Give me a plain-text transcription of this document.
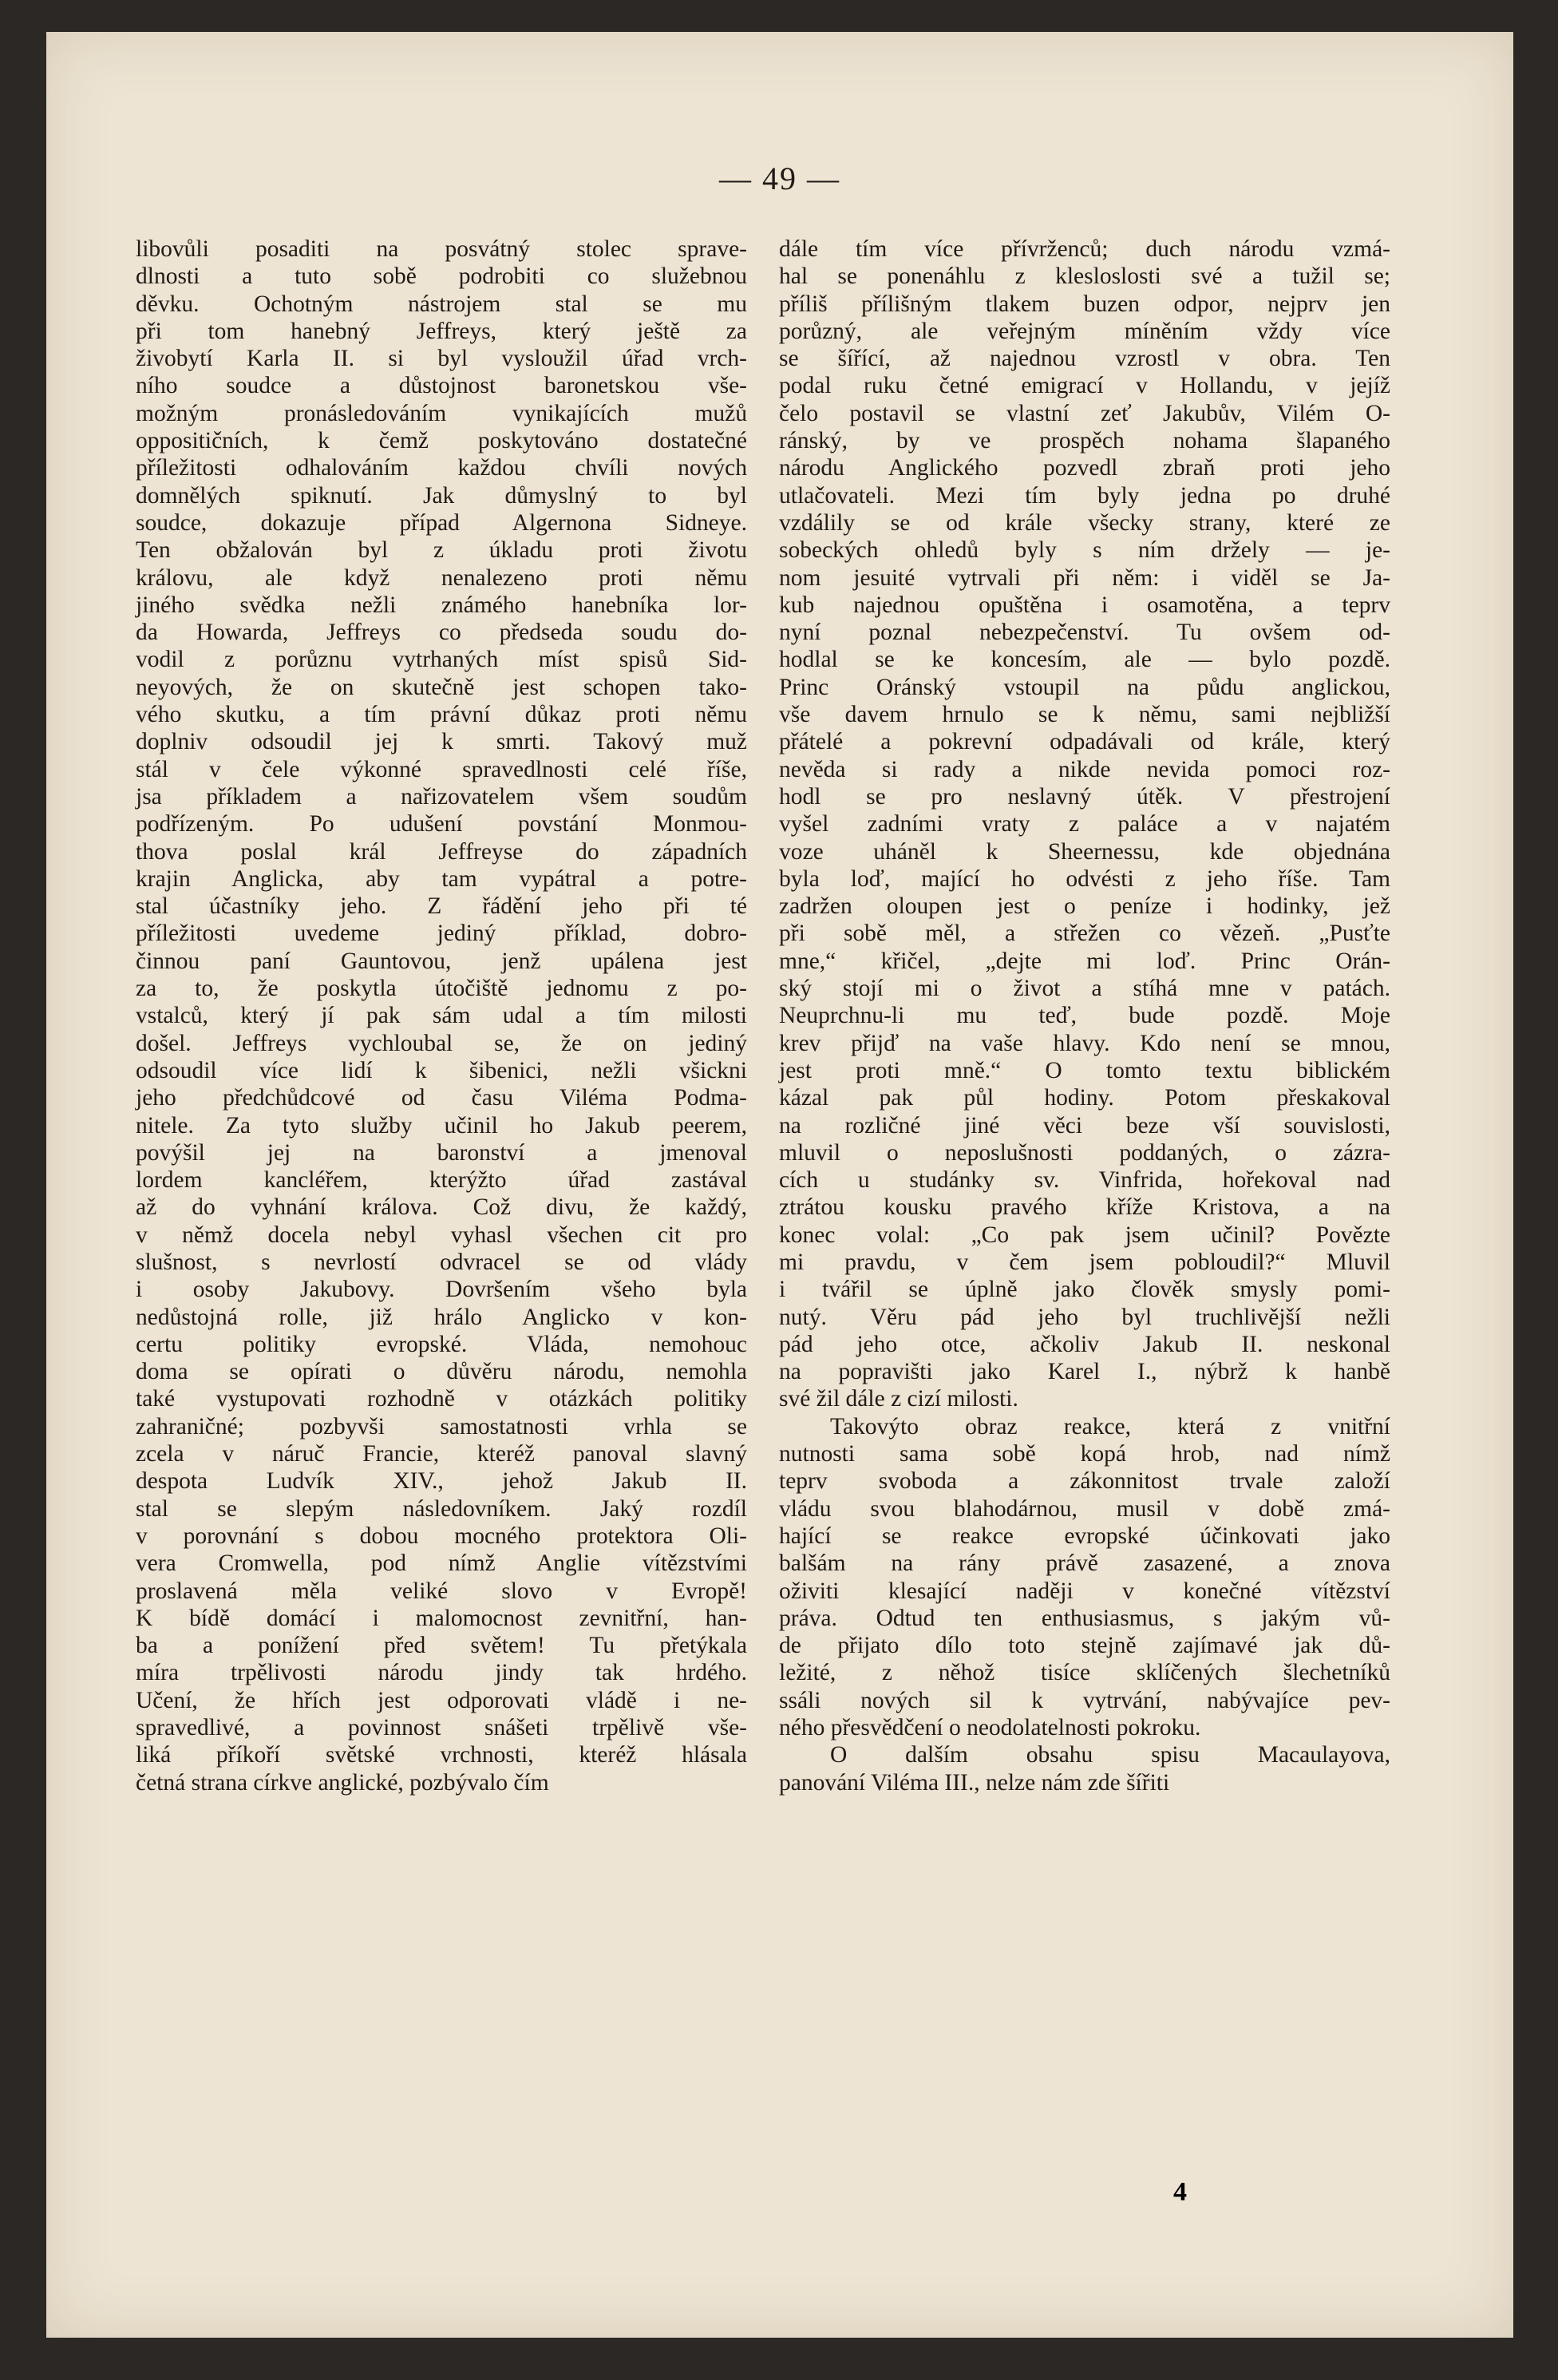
— 49 —
libovůli posaditi na posvátný stolec sprave-
dlnosti a tuto sobě podrobiti co služebnou
děvku. Ochotným nástrojem stal se mu
při tom hanebný Jeffreys, který ještě za
živobytí Karla II. si byl vysloužil úřad vrch-
ního soudce a důstojnost baronetskou vše-
možným pronásledováním vynikajících mužů
oppositičních, k čemž poskytováno dostatečné
příležitosti odhalováním každou chvíli nových
domnělých spiknutí. Jak důmyslný to byl
soudce, dokazuje případ Algernona Sidneye.
Ten obžalován byl z úkladu proti životu
královu, ale když nenalezeno proti němu
jiného svědka nežli známého hanebníka lor-
da Howarda, Jeffreys co předseda soudu do-
vodil z porůznu vytrhaných míst spisů Sid-
neyových, že on skutečně jest schopen tako-
vého skutku, a tím právní důkaz proti němu
doplniv odsoudil jej k smrti. Takový muž
stál v čele výkonné spravedlnosti celé říše,
jsa příkladem a nařizovatelem všem soudům
podřízeným. Po udušení povstání Monmou-
thova poslal král Jeffreyse do západních
krajin Anglicka, aby tam vypátral a potre-
stal účastníky jeho. Z řádění jeho při té
příležitosti uvedeme jediný příklad, dobro-
činnou paní Gauntovou, jenž upálena jest
za to, že poskytla útočiště jednomu z po-
vstalců, který jí pak sám udal a tím milosti
došel. Jeffreys vychloubal se, že on jediný
odsoudil více lidí k šibenici, nežli všickni
jeho předchůdcové od času Viléma Podma-
nitele. Za tyto služby učinil ho Jakub peerem,
povýšil jej na baronství a jmenoval
lordem kancléřem, kterýžto úřad zastával
až do vyhnání králova. Což divu, že každý,
v němž docela nebyl vyhasl všechen cit pro
slušnost, s nevrlostí odvracel se od vlády
i osoby Jakubovy. Dovršením všeho byla
nedůstojná rolle, již hrálo Anglicko v kon-
certu politiky evropské. Vláda, nemohouc
doma se opírati o důvěru národu, nemohla
také vystupovati rozhodně v otázkách politiky
zahraničné; pozbyvši samostatnosti vrhla se
zcela v náruč Francie, kteréž panoval slavný
despota Ludvík XIV., jehož Jakub II.
stal se slepým následovníkem. Jaký rozdíl
v porovnání s dobou mocného protektora Oli-
vera Cromwella, pod nímž Anglie vítězstvími
proslavená měla veliké slovo v Evropě!
K bídě domácí i malomocnost zevnitřní, han-
ba a ponížení před světem! Tu přetýkala
míra trpělivosti národu jindy tak hrdého.
Učení, že hřích jest odporovati vládě i ne-
spravedlivé, a povinnost snášeti trpělivě vše-
liká příkoří světské vrchnosti, kteréž hlásala
četná strana církve anglické, pozbývalo čím
dále tím více přívrženců; duch národu vzmá-
hal se ponenáhlu z klesloslosti své a tužil se;
příliš přílišným tlakem buzen odpor, nejprv jen
porůzný, ale veřejným míněním vždy více
se šířící, až najednou vzrostl v obra. Ten
podal ruku četné emigrací v Hollandu, v jejíž
čelo postavil se vlastní zeť Jakubův, Vilém O-
ránský, by ve prospěch nohama šlapaného
národu Anglického pozvedl zbraň proti jeho
utlačovateli. Mezi tím byly jedna po druhé
vzdálily se od krále všecky strany, které ze
sobeckých ohledů byly s ním držely — je-
nom jesuité vytrvali při něm: i viděl se Ja-
kub najednou opuštěna i osamotěna, a teprv
nyní poznal nebezpečenství. Tu ovšem od-
hodlal se ke koncesím, ale — bylo pozdě.
Princ Oránský vstoupil na půdu anglickou,
vše davem hrnulo se k němu, sami nejbližší
přátelé a pokrevní odpadávali od krále, který
nevěda si rady a nikde nevida pomoci roz-
hodl se pro neslavný útěk. V přestrojení
vyšel zadními vraty z paláce a v najatém
voze uháněl k Sheernessu, kde objednána
byla loď, mající ho odvésti z jeho říše. Tam
zadržen oloupen jest o peníze i hodinky, jež
při sobě měl, a střežen co vězeň. „Pusťte
mne,“ křičel, „dejte mi loď. Princ Orán-
ský stojí mi o život a stíhá mne v patách.
Neuprchnu-li mu teď, bude pozdě. Moje
krev přijď na vaše hlavy. Kdo není se mnou,
jest proti mně.“ O tomto textu biblickém
kázal pak půl hodiny. Potom přeskakoval
na rozličné jiné věci beze vší souvislosti,
mluvil o neposlušnosti poddaných, o zázra-
cích u studánky sv. Vinfrida, hořekoval nad
ztrátou kousku pravého kříže Kristova, a na
konec volal: „Co pak jsem učinil? Povězte
mi pravdu, v čem jsem pobloudil?“ Mluvil
i tvářil se úplně jako člověk smysly pomi-
nutý. Věru pád jeho byl truchlivější nežli
pád jeho otce, ačkoliv Jakub II. neskonal
na popravišti jako Karel I., nýbrž k hanbě
své žil dále z cizí milosti.
Takovýto obraz reakce, která z vnitřní
nutnosti sama sobě kopá hrob, nad nímž
teprv svoboda a zákonnitost trvale založí
vládu svou blahodárnou, musil v době zmá-
hající se reakce evropské účinkovati jako
balšám na rány právě zasazené, a znova
oživiti klesající naději v konečné vítězství
práva. Odtud ten enthusiasmus, s jakým vů-
de přijato dílo toto stejně zajímavé jak dů-
ležité, z něhož tisíce sklíčených šlechetníků
ssáli nových sil k vytrvání, nabývajíce pev-
ného přesvědčení o neodolatelnosti pokroku.
O dalším obsahu spisu Macaulayova,
panování Viléma III., nelze nám zde šířiti
4
